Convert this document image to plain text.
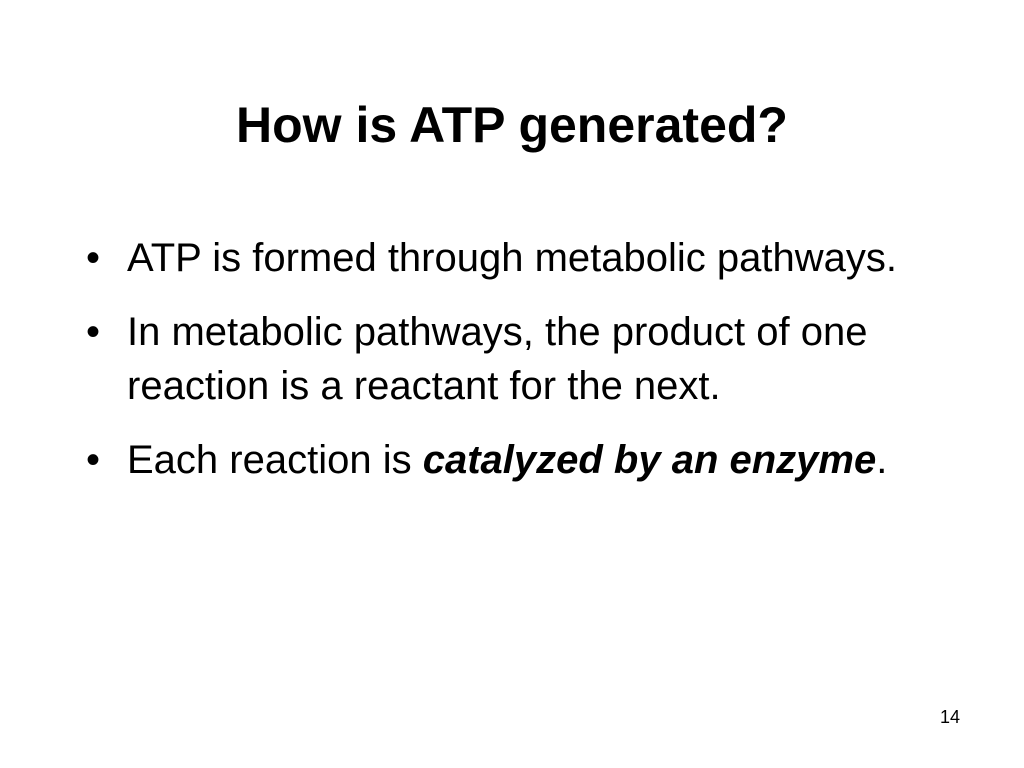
How is ATP generated?
• ATP is formed through metabolic pathways.
• In metabolic pathways, the product of one reaction is a reactant for the next.
• Each reaction is catalyzed by an enzyme.
14
